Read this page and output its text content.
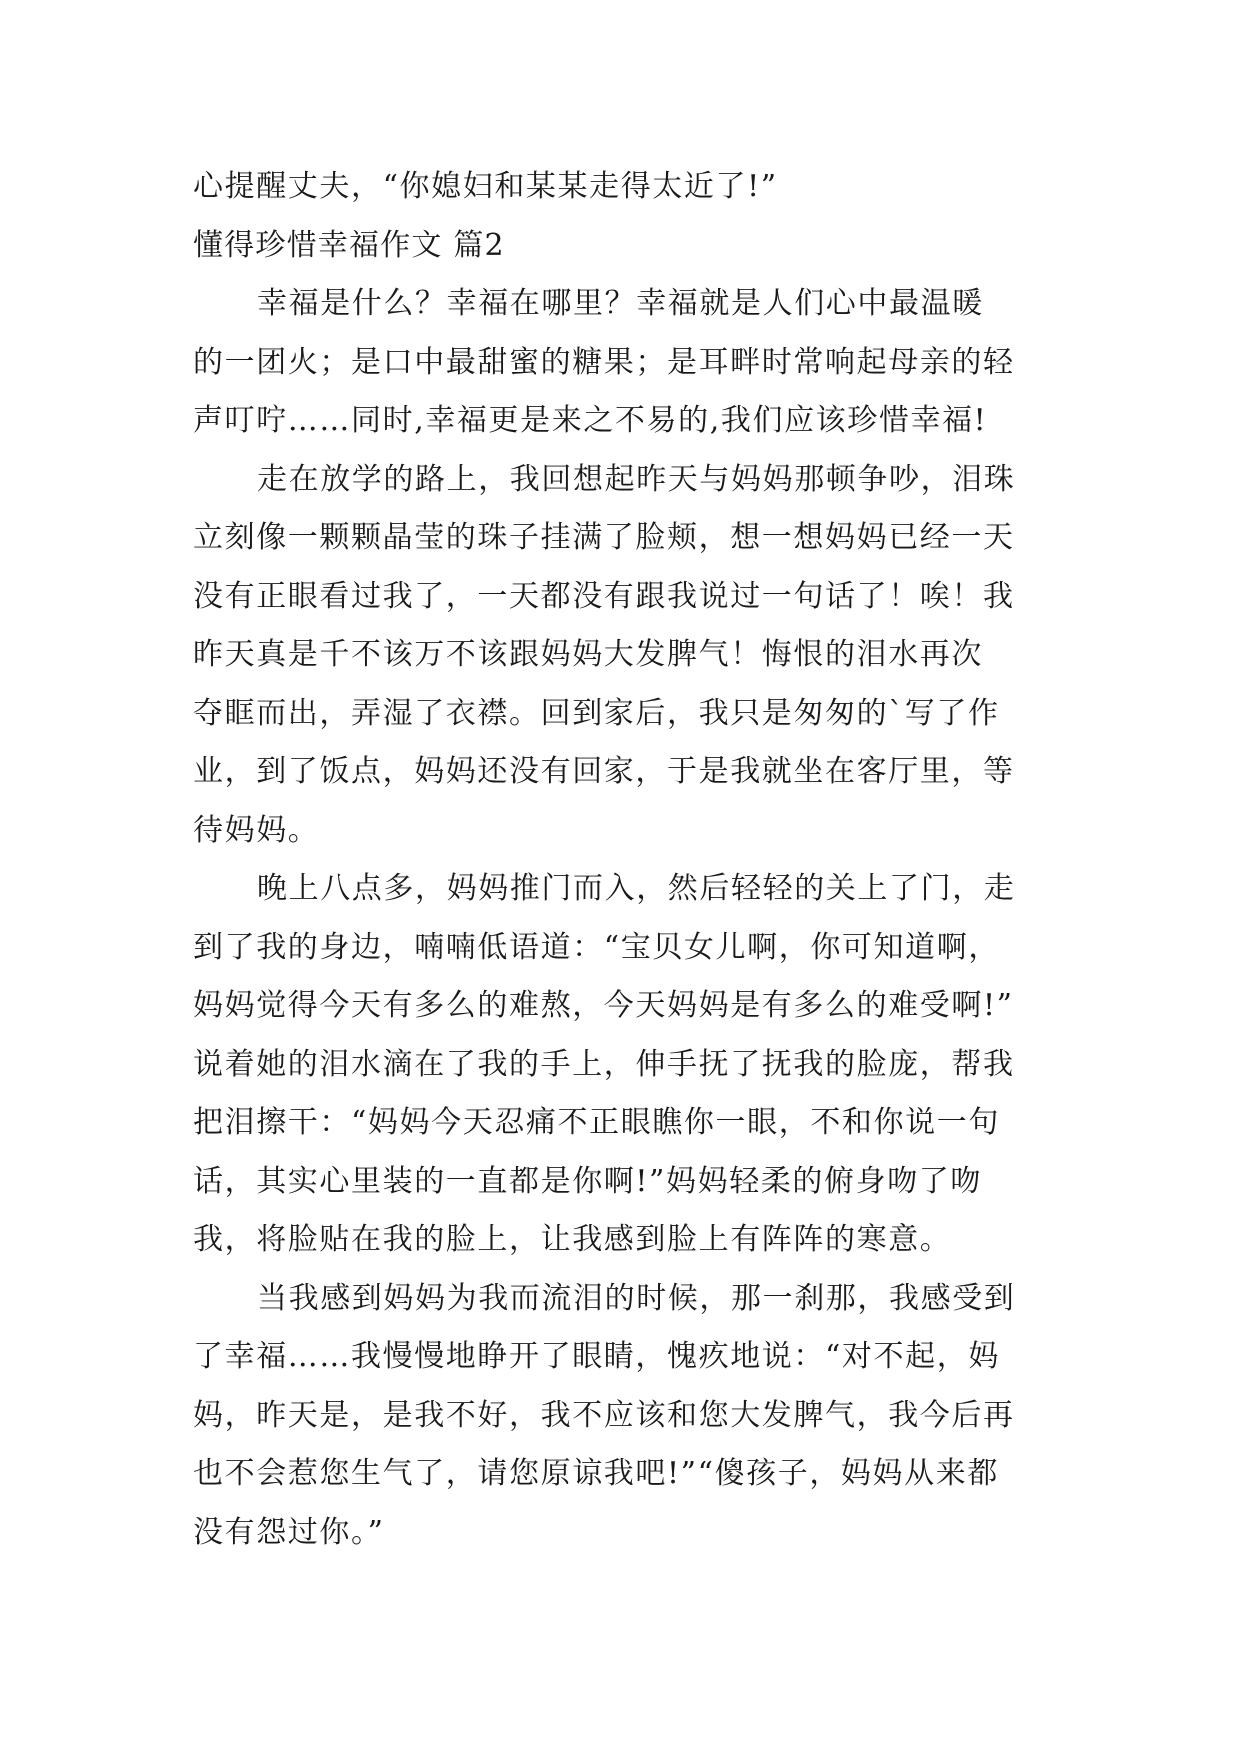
心提醒丈夫，“你媳妇和某某走得太近了!”
懂得珍惜幸福作文 篇2
幸福是什么？幸福在哪里？幸福就是人们心中最温暖
的一团火；是口中最甜蜜的糖果；是耳畔时常响起母亲的轻
声叮咛……同时,幸福更是来之不易的,我们应该珍惜幸福!
走在放学的路上，我回想起昨天与妈妈那顿争吵，泪珠
立刻像一颗颗晶莹的珠子挂满了脸颊，想一想妈妈已经一天
没有正眼看过我了，一天都没有跟我说过一句话了！唉！我
昨天真是千不该万不该跟妈妈大发脾气！悔恨的泪水再次
夺眶而出，弄湿了衣襟。回到家后，我只是匆匆的`写了作
业，到了饭点，妈妈还没有回家，于是我就坐在客厅里，等
待妈妈。
晚上八点多，妈妈推门而入，然后轻轻的关上了门，走
到了我的身边，喃喃低语道：“宝贝女儿啊，你可知道啊，
妈妈觉得今天有多么的难熬，今天妈妈是有多么的难受啊!”
说着她的泪水滴在了我的手上，伸手抚了抚我的脸庞，帮我
把泪擦干：“妈妈今天忍痛不正眼瞧你一眼，不和你说一句
话，其实心里装的一直都是你啊!”妈妈轻柔的俯身吻了吻
我，将脸贴在我的脸上，让我感到脸上有阵阵的寒意。
当我感到妈妈为我而流泪的时候，那一刹那，我感受到
了幸福……我慢慢地睁开了眼睛，愧疚地说：“对不起，妈
妈，昨天是，是我不好，我不应该和您大发脾气，我今后再
也不会惹您生气了，请您原谅我吧!”“傻孩子，妈妈从来都
没有怨过你。”
